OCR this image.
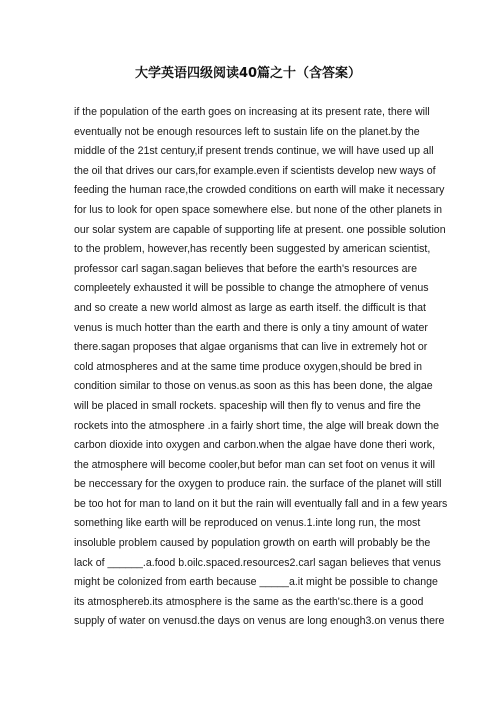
大学英语四级阅读40篇之十（含答案）
if the population of the earth goes on increasing at its present rate, there will
eventually not be enough resources left to sustain life on the planet.by the
middle of the 21st century,if present trends continue, we will have used up all
the oil that drives our cars,for example.even if scientists develop new ways of
feeding the human race,the crowded conditions on earth will make it necessary
for lus to look for open space somewhere else. but none of the other planets in
our solar system are capable of supporting life at present. one possible solution
to the problem, however,has recently been suggested by american scientist,
professor carl sagan.sagan believes that before the earth's resources are
compleetely exhausted it will be possible to change the atmophere of venus
and so create a new world almost as large as earth itself. the difficult is that
venus is much hotter than the earth and there is only a tiny amount of water
there.sagan proposes that algae organisms that can live in extremely hot or
cold atmospheres and at the same time produce oxygen,should be bred in
condition similar to those on venus.as soon as this has been done, the algae
will be placed in small rockets. spaceship will then fly to venus and fire the
rockets into the atmosphere .in a fairly short time, the alge will break down the
carbon dioxide into oxygen and carbon.when the algae have done theri work,
the atmosphere will become cooler,but befor man can set foot on venus it will
be neccessary for the oxygen to produce rain. the surface of the planet will still
be too hot for man to land on it but the rain will eventually fall and in a few years
something like earth will be reproduced on venus.1.inte long run, the most
insoluble problem caused by population growth on earth will probably be the
lack of ______.a.food b.oilc.spaced.resources2.carl sagan believes that venus
might be colonized from earth because _____a.it might be possible to change
its atmosphereb.its atmosphere is the same as the earth'sc.there is a good
supply of water on venusd.the days on venus are long enough3.on venus there
